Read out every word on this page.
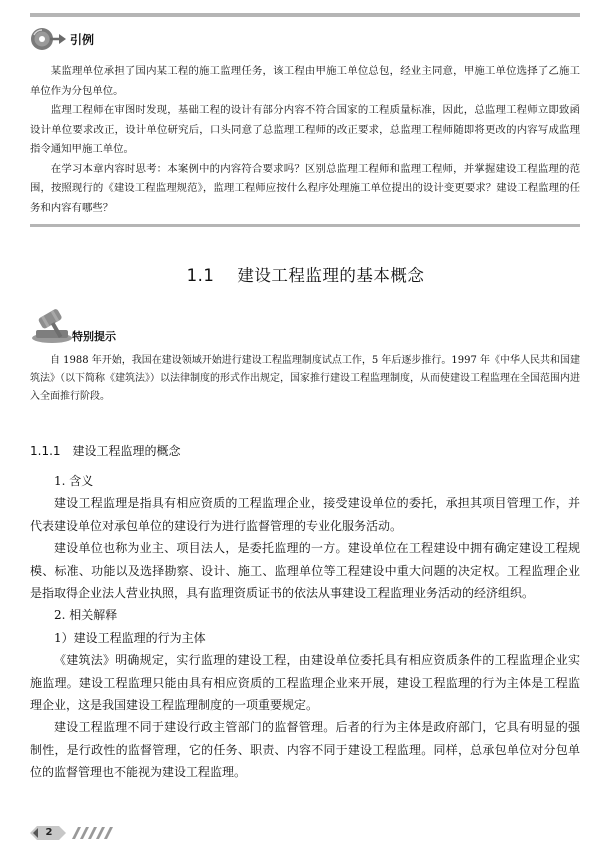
引例

某监理单位承担了国内某工程的施工监理任务，该工程由甲施工单位总包，经业主同意，甲施工单位选择了乙施工单位作为分包单位。

监理工程师在审图时发现，基础工程的设计有部分内容不符合国家的工程质量标准，因此，总监理工程师立即致函设计单位要求改正，设计单位研究后，口头同意了总监理工程师的改正要求，总监理工程师随即将更改的内容写成监理指令通知甲施工单位。

在学习本章内容时思考：本案例中的内容符合要求吗？区别总监理工程师和监理工程师，并掌握建设工程监理的范围，按照现行的《建设工程监理规范》，监理工程师应按什么程序处理施工单位提出的设计变更要求？建设工程监理的任务和内容有哪些？

1.1 建设工程监理的基本概念
特别提示

自 1988 年开始，我国在建设领域开始进行建设工程监理制度试点工作，5 年后逐步推行。1997 年《中华人民共和国建筑法》（以下简称《建筑法》）以法律制度的形式作出规定，国家推行建设工程监理制度，从而使建设工程监理在全国范围内进入全面推行阶段。

1.1.1 建设工程监理的概念

1. 含义

建设工程监理是指具有相应资质的工程监理企业，接受建设单位的委托，承担其项目管理工作，并代表建设单位对承包单位的建设行为进行监督管理的专业化服务活动。

建设单位也称为业主、项目法人，是委托监理的一方。建设单位在工程建设中拥有确定建设工程规模、标准、功能以及选择勘察、设计、施工、监理单位等工程建设中重大问题的决定权。工程监理企业是指取得企业法人营业执照，具有监理资质证书的依法从事建设工程监理业务活动的经济组织。

2. 相关解释

1）建设工程监理的行为主体

《建筑法》明确规定，实行监理的建设工程，由建设单位委托具有相应资质条件的工程监理企业实施监理。建设工程监理只能由具有相应资质的工程监理企业来开展，建设工程监理的行为主体是工程监理企业，这是我国建设工程监理制度的一项重要规定。

建设工程监理不同于建设行政主管部门的监督管理。后者的行为主体是政府部门，它具有明显的强制性，是行政性的监督管理，它的任务、职责、内容不同于建设工程监理。同样，总承包单位对分包单位的监督管理也不能视为建设工程监理。

2
